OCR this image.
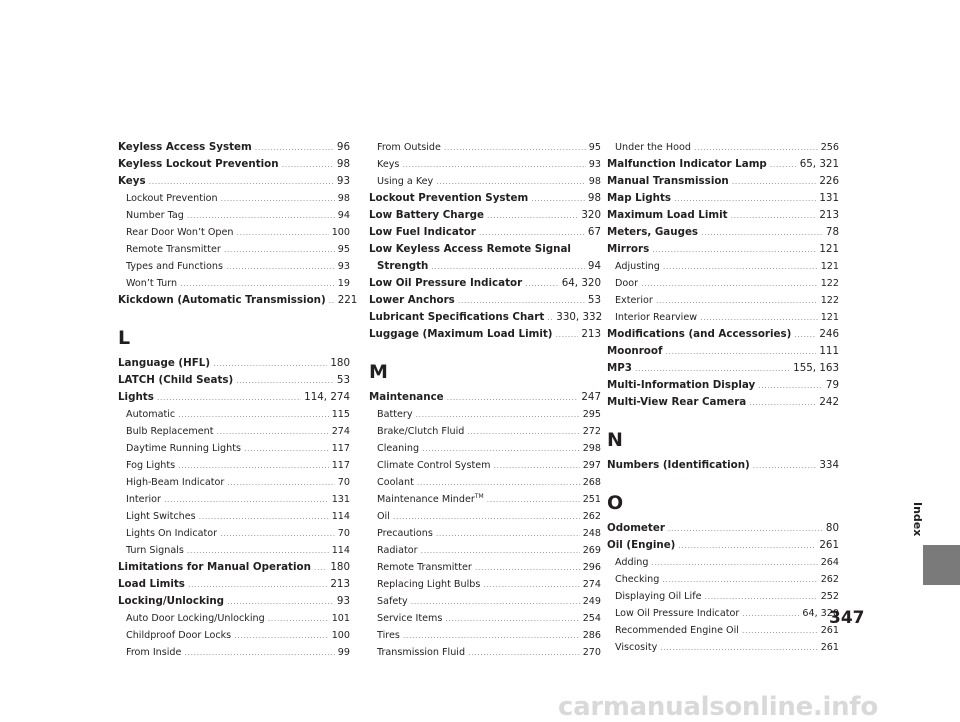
Keyless Access System .....	96
Keyless Lockout Prevention .....	98
Keys .....	93
Lockout Prevention .....	98
Number Tag .....	94
Rear Door Won’t Open .....	100
Remote Transmitter .....	95
Types and Functions .....	93
Won’t Turn .....	19
Kickdown (Automatic Transmission) ..... 221
L
Language (HFL) .....	180
LATCH (Child Seats) .....	53
Lights .....	114, 274
Automatic .....	115
Bulb Replacement .....	274
Daytime Running Lights .....	117
Fog Lights .....	117
High-Beam Indicator .....	70
Interior .....	131
Light Switches .....	114
Lights On Indicator .....	70
Turn Signals .....	114
Limitations for Manual Operation ..... 180
Load Limits .....	213
Locking/Unlocking .....	93
Auto Door Locking/Unlocking .....	101
Childproof Door Locks .....	100
From Inside .....	99
From Outside .....	95
Keys .....	93
Using a Key .....	98
Lockout Prevention System .....	98
Low Battery Charge .....	320
Low Fuel Indicator .....	67
Low Keyless Access Remote Signal
Strength .....	94
Low Oil Pressure Indicator .....	64, 320
Lower Anchors .....	53
Lubricant Specifications Chart ..... 330, 332
Luggage (Maximum Load Limit) .....	213
M
Maintenance .....	247
Battery .....	295
Brake/Clutch Fluid .....	272
Cleaning .....	298
Climate Control System .....	297
Coolant .....	268
Maintenance Minder™ .....	251
Oil .....	262
Precautions .....	248
Radiator .....	269
Remote Transmitter .....	296
Replacing Light Bulbs .....	274
Safety .....	249
Service Items .....	254
Tires .....	286
Transmission Fluid .....	270
Under the Hood .....	256
Malfunction Indicator Lamp .....	65, 321
Manual Transmission .....	226
Map Lights .....	131
Maximum Load Limit .....	213
Meters, Gauges .....	78
Mirrors .....	121
Adjusting .....	121
Door .....	122
Exterior .....	122
Interior Rearview .....	121
Modifications (and Accessories) .....	246
Moonroof .....	111
MP3 .....	155, 163
Multi-Information Display .....	79
Multi-View Rear Camera .....	242
N
Numbers (Identification) .....	334
O
Odometer .....	80
Oil (Engine) .....	261
Adding .....	264
Checking .....	262
Displaying Oil Life .....	252
Low Oil Pressure Indicator .....	64, 320
Recommended Engine Oil .....	261
Viscosity .....	261
Index
347
carmanualsonline.info
